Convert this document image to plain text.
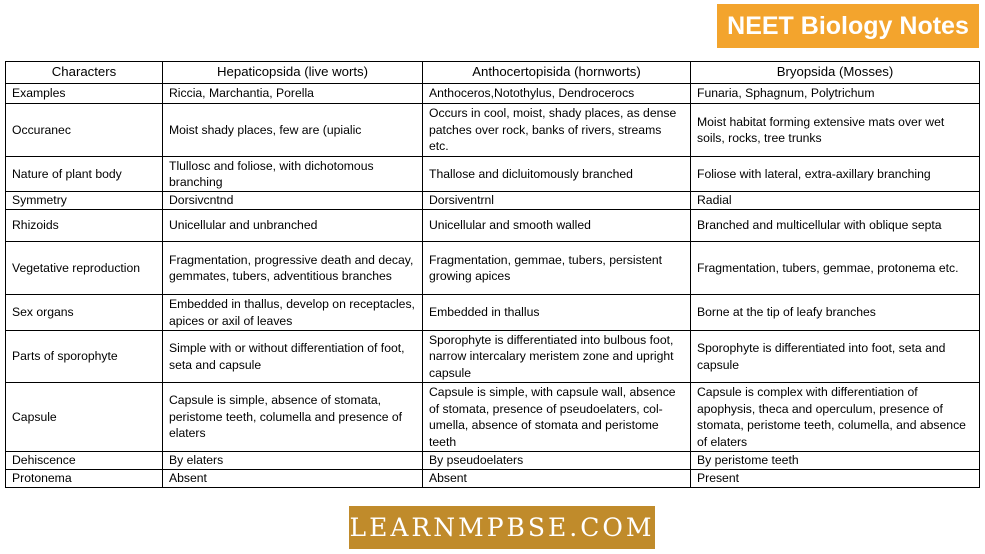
NEET Biology Notes
Characters	Hepaticopsida (live worts)	Anthocertopisida (hornworts)	Bryopsida (Mosses)
Examples	Riccia, Marchantia, Porella	Anthoceros,Notothylus, Dendrocerocs	Funaria, Sphagnum, Polytrichum
Occuranec	Moist shady places, few are (upialic	Occurs in cool, moist, shady places, as dense patches over rock, banks of rivers, streams etc.	Moist habitat forming extensive mats over wet soils, rocks, tree trunks
Nature of plant body	Tlullosc and foliose, with dichotomous branching	Thallose and dicluitomously branched	Foliose with lateral, extra-axillary branching
Symmetry	Dorsivcntnd	Dorsiventrnl	Radial
Rhizoids	Unicellular and unbranched	Unicellular and smooth walled	Branched and multicellular with oblique septa
Vegetative reproduction	Fragmentation, progressive death and decay, gemmates, tubers, adventitious branches	Fragmentation, gemmae, tubers, persistent growing apices	Fragmentation, tubers, gemmae, protonema etc.
Sex organs	Embedded in thallus, develop on receptacles, apices or axil of leaves	Embedded in thallus	Borne at the tip of leafy branches
Parts of sporophyte	Simple with or without differentiation of foot, seta and capsule	Sporophyte is differentiated into bulbous foot, narrow intercalary meristem zone and upright capsule	Sporophyte is differentiated into foot, seta and capsule
Capsule	Capsule is simple, absence of stomata, peristome teeth, columella and presence of elaters	Capsule is simple, with capsule wall, absence of stomata, presence of pseudoelaters, col-umella, absence of stomata and peristome teeth	Capsule is complex with differentiation of apophysis, theca and operculum, presence of stomata, peristome teeth, columella, and absence of elaters
Dehiscence	By elaters	By pseudoelaters	By peristome teeth
Protonema	Absent	Absent	Present
LEARNMPBSE.COM
